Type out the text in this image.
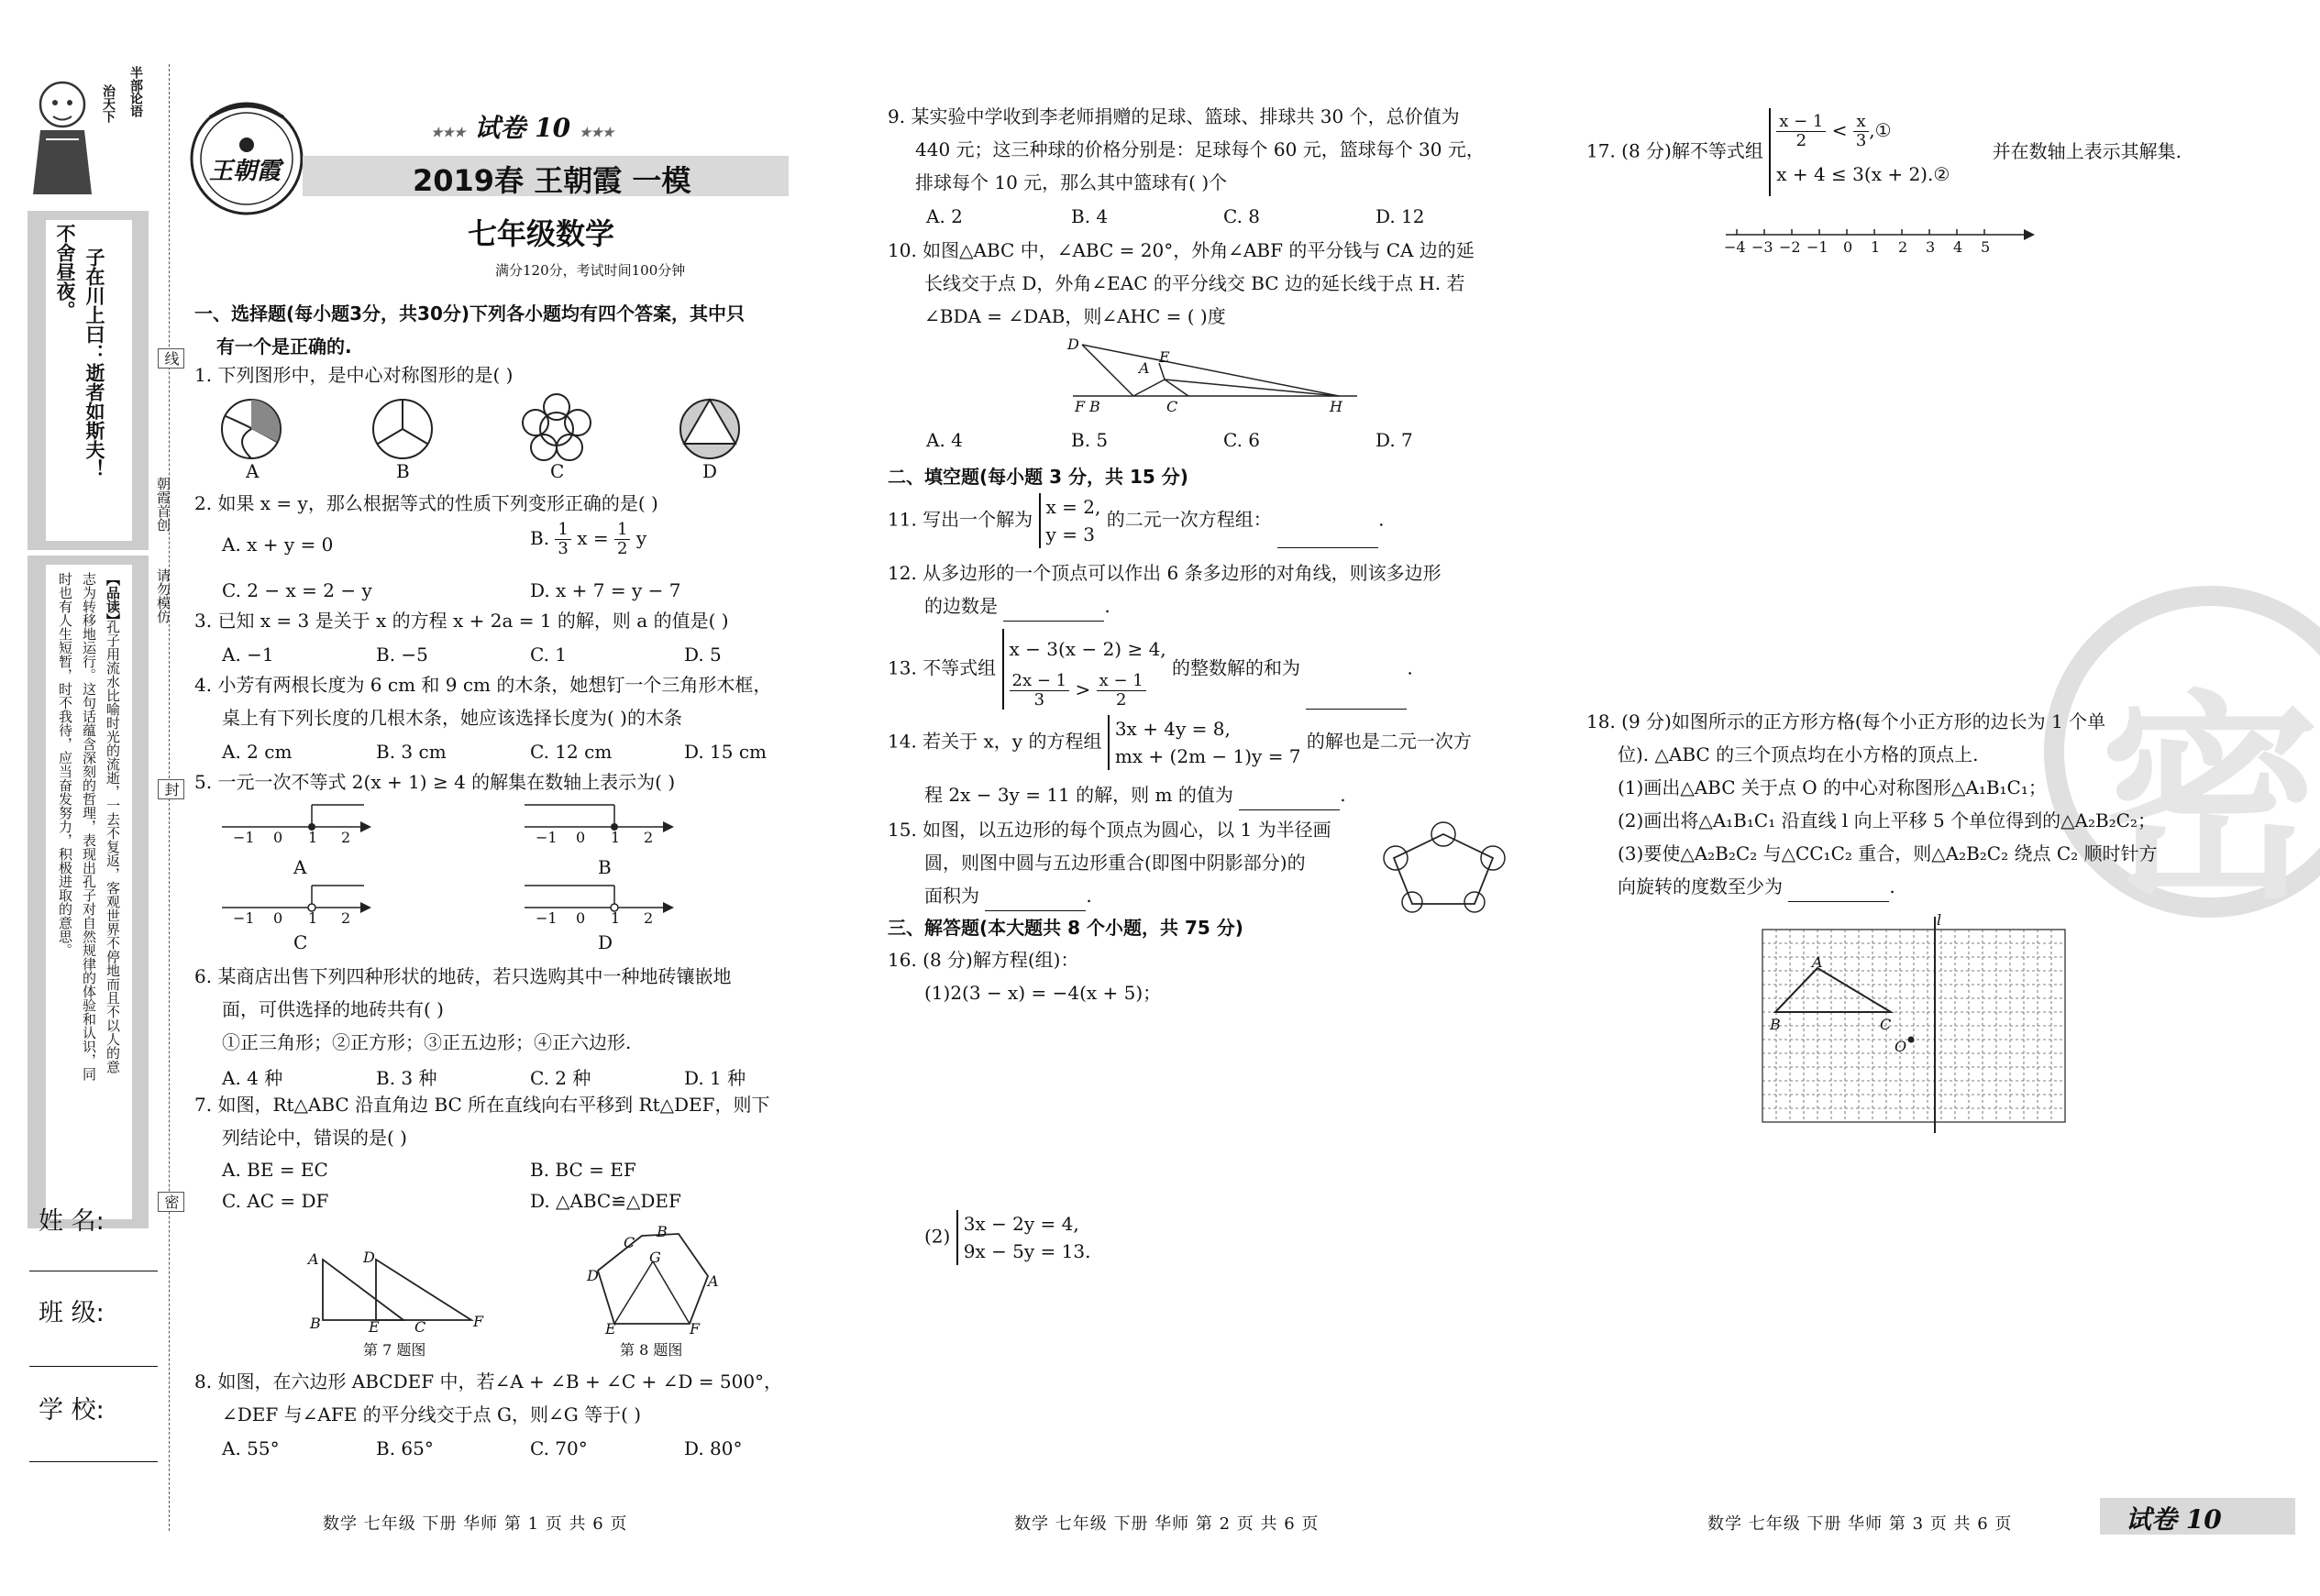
半部论语
治天下
子在川上曰：逝者如斯夫！
不舍昼夜。
【品读】
孔子用流水比喻时光的流逝，一去不复返，客观世界不停地而且不以人的意
志为转移地运行。这句话蕴含深刻的哲理，表现出孔子对自然规律的体验和认识，同
时也有人生短暂，时不我待，应当奋发努力，积极进取的意思。
姓 名:
班 级:
学 校:
线
封
密
朝霞首创
请勿模仿
王朝霞
★★★ 试卷 10 ★★★
2019春 王朝霞 一模
七年级数学
满分120分，考试时间100分钟
一、选择题(每小题3分，共30分)下列各小题均有四个答案，其中只
有一个是正确的.
1. 下列图形中，是中心对称图形的是( )
A	B	C	D
2. 如果 x = y，那么根据等式的性质下列变形正确的是( )
A. x + y = 0	B. $\frac{1}{3}$ $x = \frac{1}{2}$ y
C. 2 − x = 2 − y	D. x + 7 = y − 7
3. 已知 x = 3 是关于 x 的方程 x + 2a = 1 的解，则 a 的值是( )
A. −1	B. −5	C. 1	D. 5
4. 小芳有两根长度为 6 cm 和 9 cm 的木条，她想钉一个三角形木框，
桌上有下列长度的几根木条，她应该选择长度为( )的木条
A. 2 cm	B. 3 cm	C. 12 cm	D. 15 cm
5. 一元一次不等式 2(x + 1) ≥ 4 的解集在数轴上表示为( )
−1 0 1 2	−1 0 1 2
A	B
−1 0 1 2	−1 0 1 2
C	D
6. 某商店出售下列四种形状的地砖，若只选购其中一种地砖镶嵌地
面，可供选择的地砖共有( )
①正三角形；②正方形；③正五边形；④正六边形.
A. 4 种	B. 3 种	C. 2 种	D. 1 种
7. 如图，Rt△ABC 沿直角边 BC 所在直线向右平移到 Rt△DEF，则下
列结论中，错误的是( )
A. BE = EC	B. BC = EF
C. AC = DF	D. △ABC≌△DEF
A	D
B	E C	F
第 7 题图
B
C
G
A
D
F
E
第 8 题图
8. 如图，在六边形 ABCDEF 中，若∠A + ∠B + ∠C + ∠D = 500°，
∠DEF 与∠AFE 的平分线交于点 G，则∠G 等于( )
A. 55°	B. 65°	C. 70°	D. 80°
数学 七年级 下册 华师 第 1 页 共 6 页
9. 某实验中学收到李老师捐赠的足球、篮球、排球共 30 个，总价值为
440 元；这三种球的价格分别是：足球每个 60 元，篮球每个 30 元，
排球每个 10 元，那么其中篮球有( )个
A. 2	B. 4	C. 8	D. 12
10. 如图△ABC 中，∠ABC = 20°，外角∠ABF 的平分钱与 CA 边的延
长线交于点 D，外角∠EAC 的平分线交 BC 边的延长线于点 H. 若
∠BDA = ∠DAB，则∠AHC = ( )度
D
A
E
F B	C	H
A. 4	B. 5	C. 6	D. 7
二、填空题(每小题 3 分，共 15 分)
11. 写出一个解为 x = 2,
y = 3 的二元一次方程组：	.
12. 从多边形的一个顶点可以作出 6 条多边形的对角线，则该多边形
的边数是	.
13. 不等式组 x − 3(x − 2) ≥ 4,

$\frac{2x - 1}{3} > \frac{x - 1}{2}$
的整数解的和为	.
14. 若关于 x，y 的方程组 3x + 4y = 8,
mx + (2m − 1)y = 7 的解也是二元一次方
程 2x − 3y = 11 的解，则 m 的值为	.
15. 如图，以五边形的每个顶点为圆心，以 1 为半径画
圆，则图中圆与五边形重合(即图中阴影部分)的
面积为	.
三、解答题(本大题共 8 个小题，共 75 分)
16. (8 分)解方程(组)：
(1)2(3 − x) = −4(x + 5)；
(2) 3x − 2y = 4,
9x − 5y = 13.
数学 七年级 下册 华师 第 2 页 共 6 页
17. (8 分)解不等式组
$\frac{x - 1}{2} < \frac{x}{3}$ ,①
x + 4 ≤ 3(x + 2).② 并在数轴上表示其解集.
−4 −3 −2 −1 0 1 2 3 4 5
密
18. (9 分)如图所示的正方形方格(每个小正方形的边长为 1 个单
位). △ABC 的三个顶点均在小方格的顶点上.
(1)画出△ABC 关于点 O 的中心对称图形△A₁B₁C₁；
(2)画出将△A₁B₁C₁ 沿直线 l 向上平移 5 个单位得到的△A₂B₂C₂；
(3)要使△A₂B₂C₂ 与△CC₁C₂ 重合，则△A₂B₂C₂ 绕点 C₂ 顺时针方
向旋转的度数至少为	.
l
A
B	C
O
数学 七年级 下册 华师 第 3 页 共 6 页	试卷 10
